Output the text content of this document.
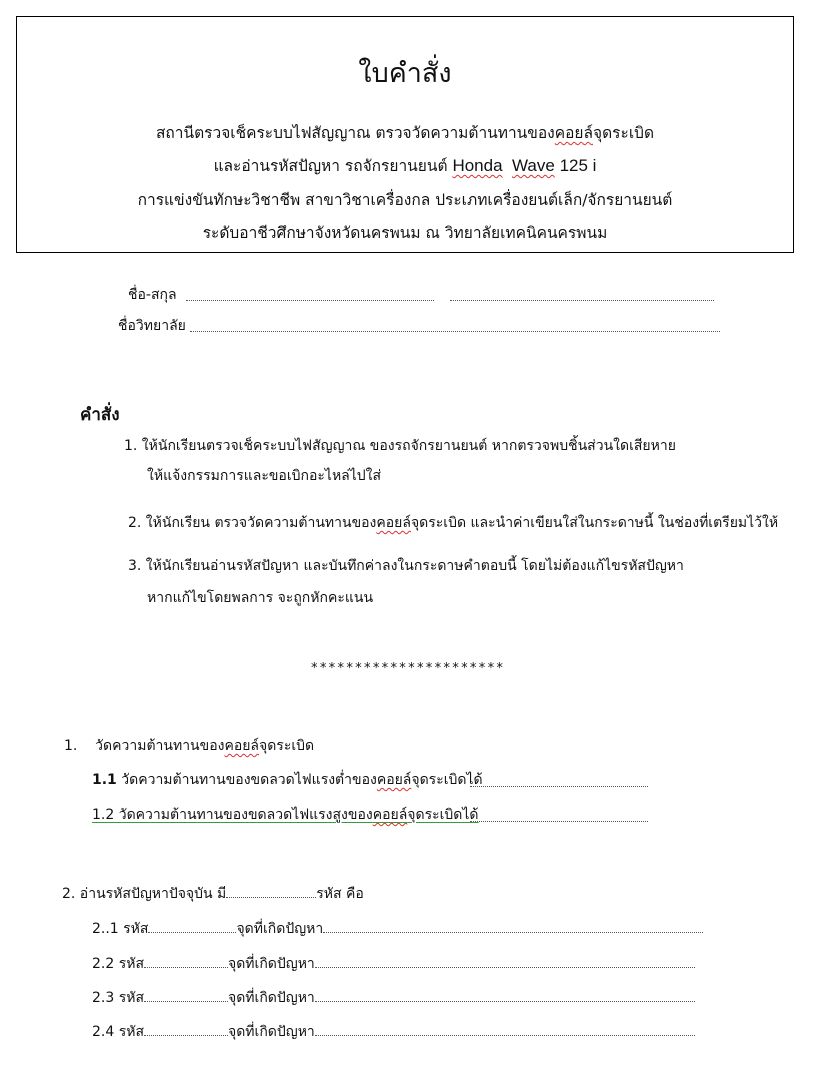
ใบคำสั่ง
สถานีตรวจเช็คระบบไฟสัญญาณ ตรวจวัดความต้านทานของคอยล์จุดระเบิด
และอ่านรหัสปัญหา รถจักรยานยนต์ Honda Wave 125 i
การแข่งขันทักษะวิชาชีพ สาขาวิชาเครื่องกล ประเภทเครื่องยนต์เล็ก/จักรยานยนต์
ระดับอาชีวศึกษาจังหวัดนครพนม ณ วิทยาลัยเทคนิคนครพนม
ชื่อ-สกุล
ชื่อวิทยาลัย
คำสั่ง
1. ให้นักเรียนตรวจเช็คระบบไฟสัญญาณ ของรถจักรยานยนต์ หากตรวจพบชิ้นส่วนใดเสียหาย
ให้แจ้งกรรมการและขอเบิกอะไหล่ไปใส่
2. ให้นักเรียน ตรวจวัดความต้านทานของคอยล์จุดระเบิด และนำค่าเขียนใส่ในกระดาษนี้ ในช่องที่เตรียมไว้ให้
3. ให้นักเรียนอ่านรหัสปัญหา และบันทึกค่าลงในกระดาษคำตอบนี้ โดยไม่ต้องแก้ไขรหัสปัญหา
หากแก้ไขโดยพลการ จะถูกหักคะแนน
**********************
1. วัดความต้านทานของคอยล์จุดระเบิด
1.1 วัดความต้านทานของขดลวดไฟแรงต่ำของคอยล์จุดระเบิดได้
1.2 วัดความต้านทานของขดลวดไฟแรงสูงของคอยล์จุดระเบิดได้
2. อ่านรหัสปัญหาปัจจุบัน มี	รหัส คือ
2..1 รหัส	จุดที่เกิดปัญหา
2.2 รหัส	จุดที่เกิดปัญหา
2.3 รหัส	จุดที่เกิดปัญหา
2.4 รหัส	จุดที่เกิดปัญหา
